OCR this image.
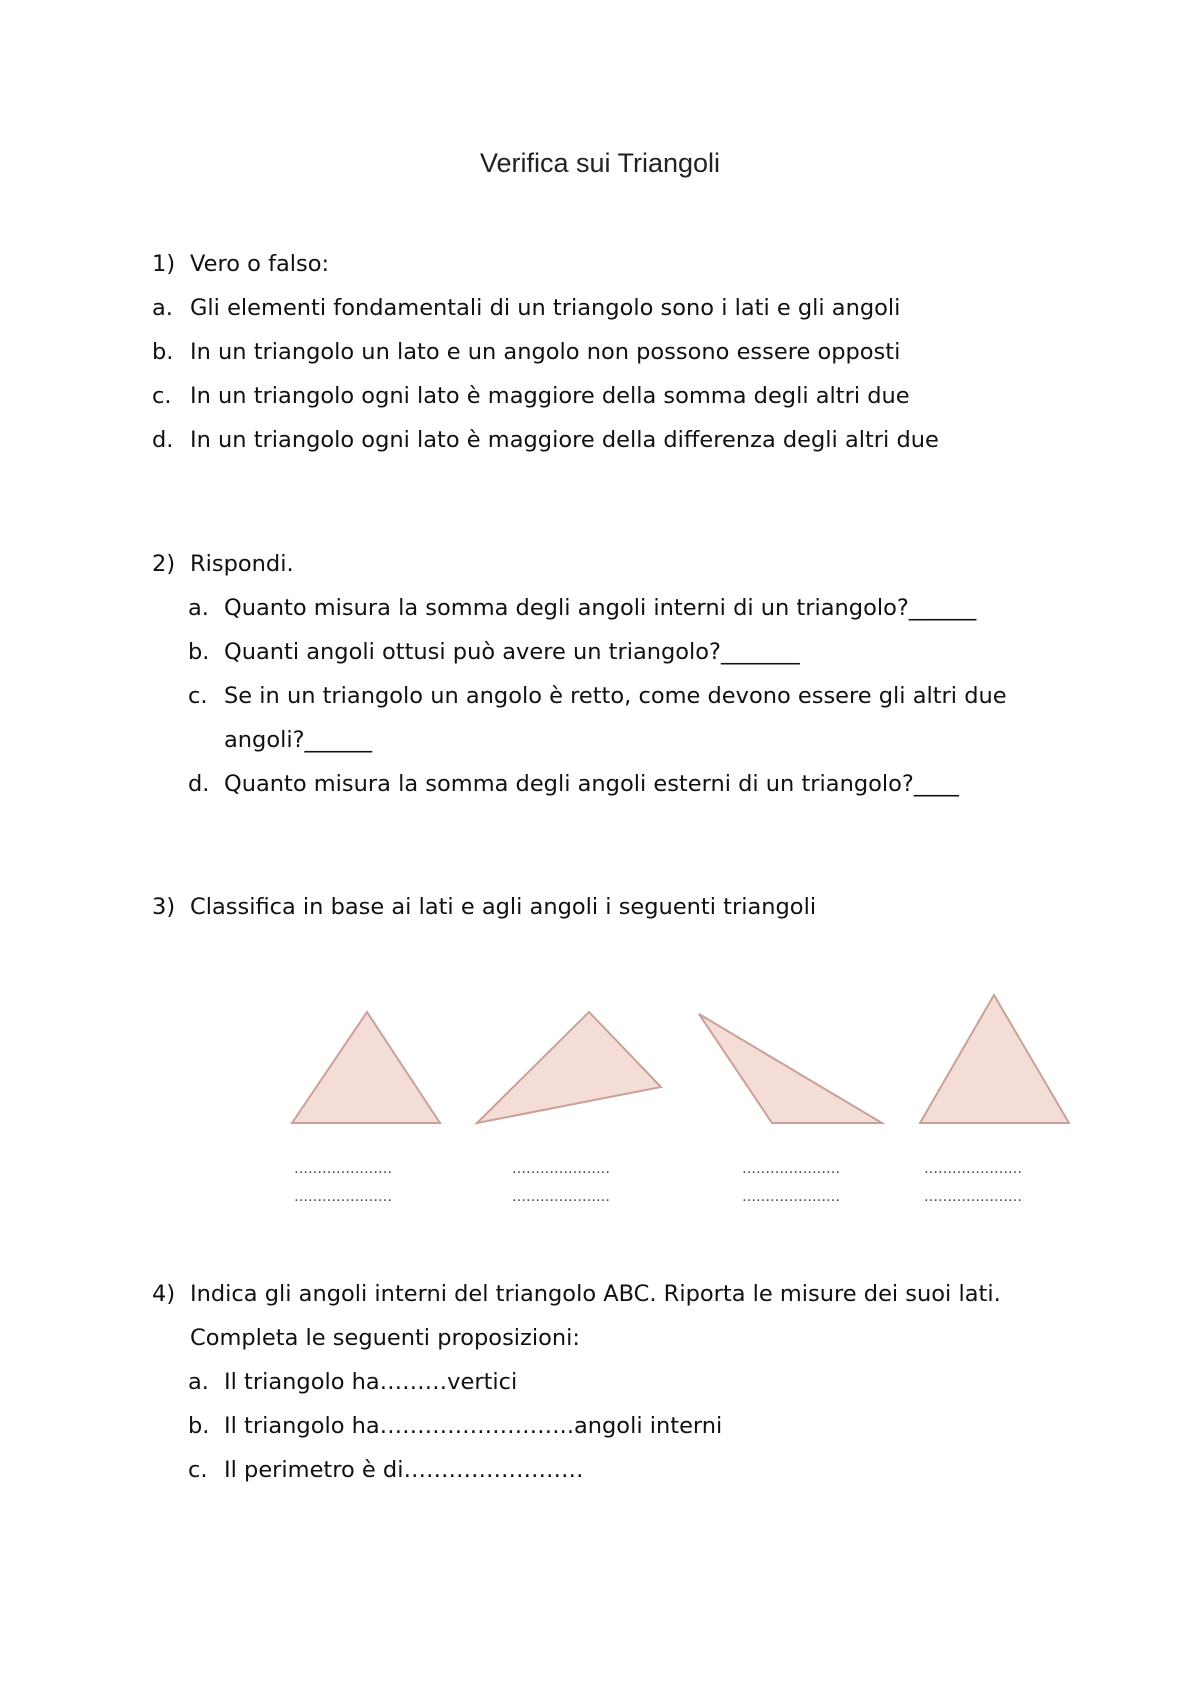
Verifica sui Triangoli
1) Vero o falso:
a. Gli elementi fondamentali di un triangolo sono i lati e gli angoli
b. In un triangolo un lato e un angolo non possono essere opposti
c. In un triangolo ogni lato è maggiore della somma degli altri due
d. In un triangolo ogni lato è maggiore della differenza degli altri due
2) Rispondi.
a. Quanto misura la somma degli angoli interni di un triangolo?______
b. Quanti angoli ottusi può avere un triangolo?_______
c. Se in un triangolo un angolo è retto, come devono essere gli altri due angoli?______
d. Quanto misura la somma degli angoli esterni di un triangolo?____
3) Classifica in base ai lati e agli angoli i seguenti triangoli
…………………
…………………
…………………
…………………
…………………
…………………
…………………
…………………
4) Indica gli angoli interni del triangolo ABC. Riporta le misure dei suoi lati.
Completa le seguenti proposizioni:
a. Il triangolo ha………vertici
b. Il triangolo ha……………………..angoli interni
c. Il perimetro è di……………………
